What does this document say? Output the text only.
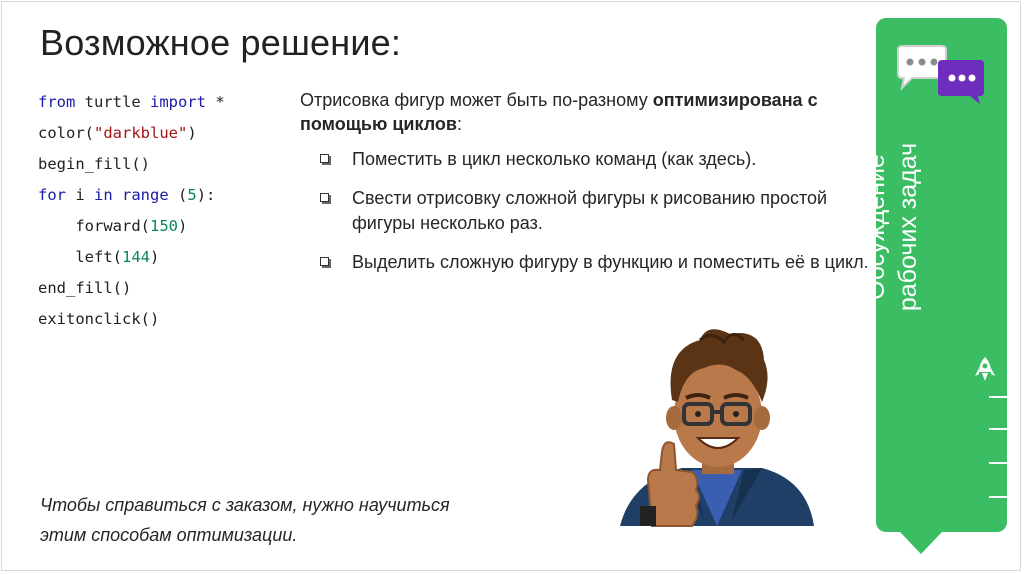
Возможное решение:
from turtle import *
color("darkblue")
begin_fill()
for i in range (5):
forward(150)
left(144)
end_fill()
exitonclick()
Отрисовка фигур может быть по-разному оптимизирована с помощью циклов:
Поместить в цикл несколько команд (как здесь).
Свести отрисовку сложной фигуры к рисованию простой фигуры несколько раз.
Выделить сложную фигуру в функцию и поместить её в цикл.
Чтобы справиться с заказом, нужно научиться
этим способам оптимизации.
Обсуждение рабочих задач
